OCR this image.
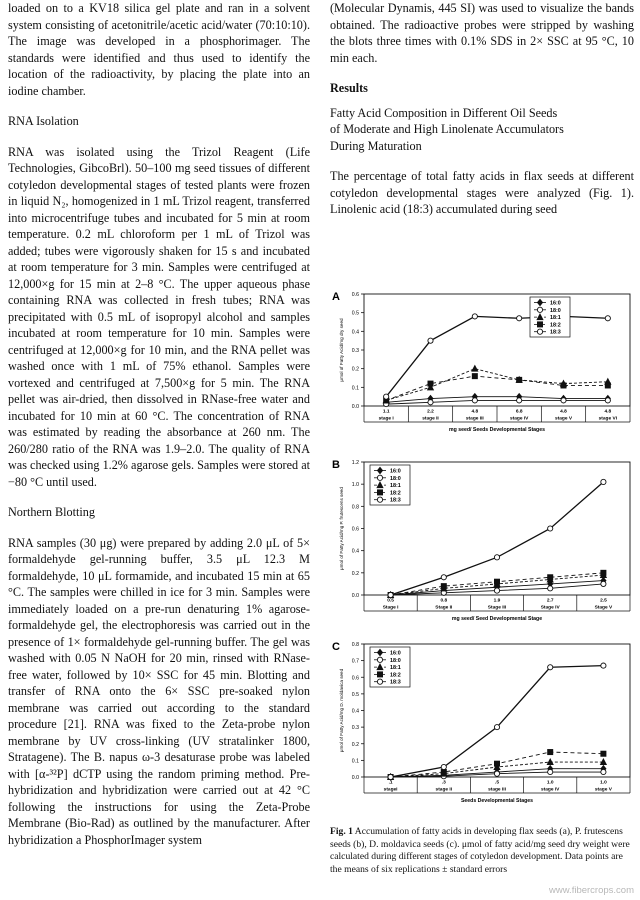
loaded on to a KV18 silica gel plate and ran in a solvent system consisting of acetonitrile/acetic acid/water (70:10:10). The image was developed in a phosphorimager. The standards were identified and thus used to identify the location of the radioactivity, by placing the plate into an iodine chamber.

RNA Isolation

RNA was isolated using the Trizol Reagent (Life Technologies, GibcoBrl). 50–100 mg seed tissues of different cotyledon developmental stages of tested plants were frozen in liquid N₂, homogenized in 1 mL Trizol reagent, transferred into microcentrifuge tubes and incubated for 5 min at room temperature. 0.2 mL chloroform per 1 mL of Trizol was added; tubes were vigorously shaken for 15 s and incubated at room temperature for 3 min. Samples were centrifuged at 12,000×g for 15 min at 2–8 °C. The upper aqueous phase containing RNA was collected in fresh tubes; RNA was precipitated with 0.5 mL of isopropyl alcohol and samples incubated at room temperature for 10 min. Samples were centrifuged at 12,000×g for 10 min, and the RNA pellet was washed once with 1 mL of 75% ethanol. Samples were vortexed and centrifuged at 7,500×g for 5 min. The RNA pellet was air-dried, then dissolved in RNase-free water and incubated for 10 min at 60 °C. The concentration of RNA was estimated by reading the absorbance at 260 nm. The 260/280 ratio of the RNA was 1.9–2.0. The quality of RNA was checked using 1.2% agarose gels. Samples were stored at −80 °C until used.

Northern Blotting

RNA samples (30 μg) were prepared by adding 2.0 μL of 5× formaldehyde gel-running buffer, 3.5 μL 12.3 M formaldehyde, 10 μL formamide, and incubated 15 min at 65 °C. The samples were chilled in ice for 3 min. Samples were immediately loaded on a pre-run denaturing 1% agarose-formaldehyde gel, the electrophoresis was carried out in the presence of 1× formaldehyde gel-running buffer. The gel was washed with 0.05 N NaOH for 20 min, rinsed with RNase-free water, followed by 10× SSC for 45 min. Blotting and transfer of RNA onto the 6× SSC pre-soaked nylon membrane was carried out according to the standard procedure [21]. RNA was fixed to the Zeta-probe nylon membrane by UV cross-linking (UV stratalinker 1800, Stratagene). The B. napus ω-3 desaturase probe was labeled with [α-³²P] dCTP using the random priming method. Pre-hybridization and hybridization were carried out at 42 °C following the instructions for using the Zeta-Probe Membrane (Bio-Rad) as outlined by the manufacturer. After hybridization a PhosphorImager system

(Molecular Dynamis, 445 SI) was used to visualize the bands obtained. The radioactive probes were stripped by washing the blots three times with 0.1% SDS in 2× SSC at 95 °C, 10 min each.

Results

Fatty Acid Composition in Different Oil Seeds

of Moderate and High Linolenate Accumulators

During Maturation

The percentage of total fatty acids in flax seeds at different cotyledon developmental stages were analyzed (Fig. 1). Linolenic acid (18:3) accumulated during seed

A
0.0
0.1
0.2
0.3
0.4
0.5
0.6
μmol of Fatty Acid/mg dry seed
1.1
stage I
2.2
stage II
4.8
stage III
6.8
stage IV
4.8
stage V
4.8
stage VI
mg seed/ Seeds Developmental Stages
16:0
18:0
18:1
18:2
18:3
B
0.0
0.2
0.4
0.6
0.8
1.0
1.2
μmol of Fatty Acid/mg P. frutescens seed
0.5
Stage I
0.8
Stage II
1.9
Stage III
2.7
Stage IV
2.5
Stage V
mg seed/ Seed Developmental Stage
16:0
18:0
18:1
18:2
18:3
C
0.0
0.1
0.2
0.3
0.4
0.5
0.6
0.7
0.8
μmol of Fatty Acid/mg D. moldavica seed
.1
stageI
.3
stage II
.5
stage III
1.0
stage IV
1.0
stage V
Seeds Developmental Stages
16:0
18:0
18:1
18:2
18:3
Fig. 1 Accumulation of fatty acids in developing flax seeds (a), P. frutescens seeds (b), D. moldavica seeds (c). μmol of fatty acid/mg seed dry weight were calculated during different stages of cotyledon development. Data points are the means of six replications ± standard errors
www.fibercrops.com
